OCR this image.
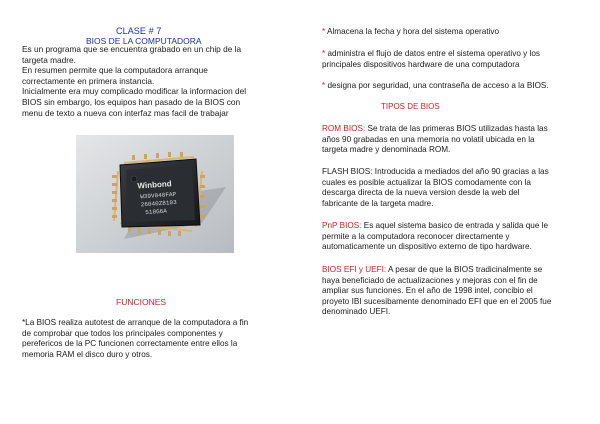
CLASE # 7
BIOS DE LA COMPUTADORA

Es un programa que se encuentra grabado en un chip de la

targeta madre.

En resumen permite que la computadora arranque

correctamente en primera instancia.

Inicialmente era muy complicado modificar la informacion del

BIOS sin embargo, los equipos han pasado de la BIOS con

menu de texto a nueva con interfaz mas facil de trabajar

Winbond
W39V040FAP
26040Z8103
510G6A
FUNCIONES

*La BIOS realiza autotest de arranque de la computadora a fin

de comprobar que todos los principales componentes y

perefericos de la PC funcionen correctamente entre ellos la

memoria RAM el disco duro y otros.

* Almacena la fecha y hora del sistema operativo
* administra el flujo de datos entre el sistema operativo y los
principales dispositivos hardware de una computadora
* designa por seguridad, una contraseña de acceso a la BIOS.
TIPOS DE BIOS
ROM BIOS: Se trata de las primeras BIOS utilizadas hasta las
años 90 grabadas en una memoria no volatil ubicada en la
targeta madre y denominada ROM.
FLASH BIOS: Introducida a mediados del año 90 gracias a las
cuales es posible actualizar la BIOS comodamente con la
descarga directa de la nueva version desde la web del
fabricante de la targeta madre.
PnP BIOS: Es aquel sistema basico de entrada y salida que le
permite a la computadora reconocer directamente y
automaticamente un dispositivo externo de tipo hardware.
BIOS EFI y UEFI: A pesar de que la BIOS tradicinalmente se
haya beneficiado de actualizaciones y mejoras con el fin de
ampliar sus funciones. En el año de 1998 intel, concibio el
proyeto IBI sucesibamente denominado EFI que en el 2005 fue
denominado UEFI.
